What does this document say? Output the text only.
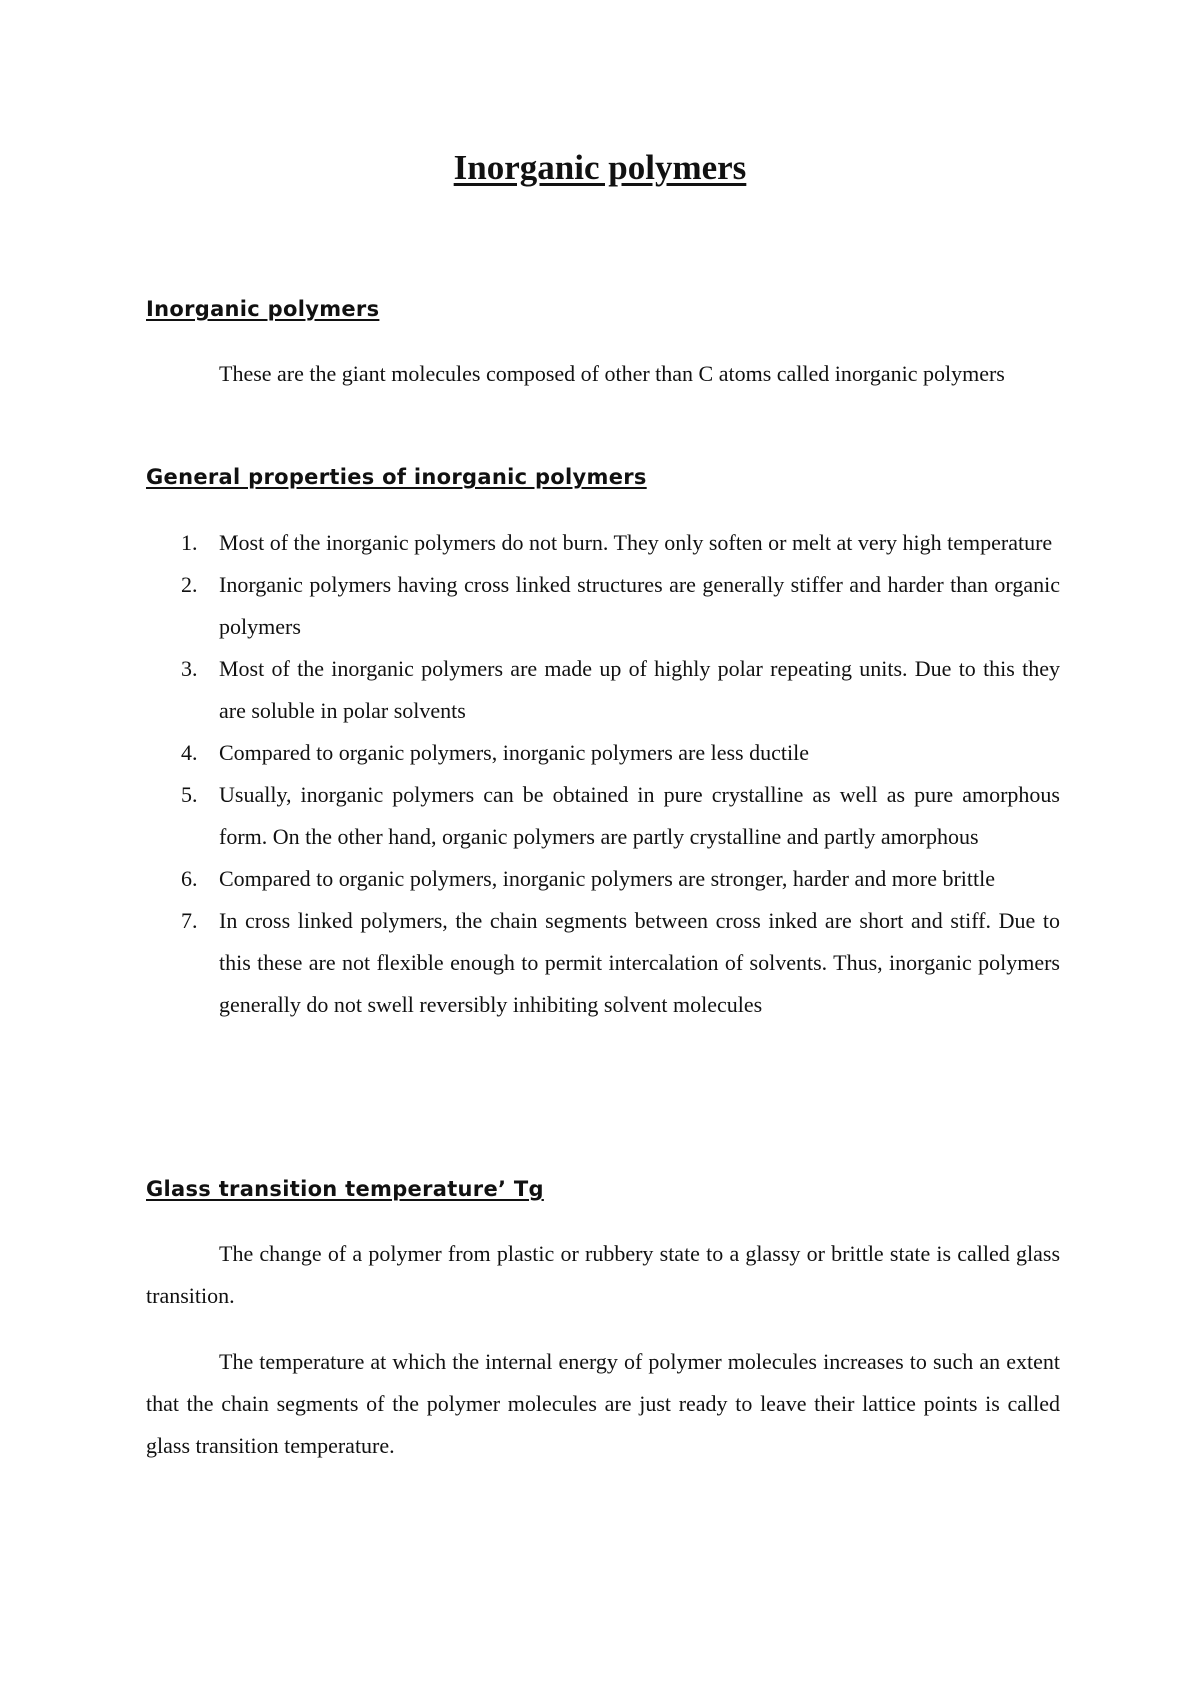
Inorganic polymers
Inorganic polymers

These are the giant molecules composed of other than C atoms called inorganic polymers

General properties of inorganic polymers
1. Most of the inorganic polymers do not burn. They only soften or melt at very high temperature
2. Inorganic polymers having cross linked structures are generally stiffer and harder than organic polymers
3. Most of the inorganic polymers are made up of highly polar repeating units. Due to this they are soluble in polar solvents
4. Compared to organic polymers, inorganic polymers are less ductile
5. Usually, inorganic polymers can be obtained in pure crystalline as well as pure amorphous form. On the other hand, organic polymers are partly crystalline and partly amorphous
6. Compared to organic polymers, inorganic polymers are stronger, harder and more brittle
7. In cross linked polymers, the chain segments between cross inked are short and stiff. Due to this these are not flexible enough to permit intercalation of solvents. Thus, inorganic polymers generally do not swell reversibly inhibiting solvent molecules
Glass transition temperature’ Tg

The change of a polymer from plastic or rubbery state to a glassy or brittle state is called glass transition.

The temperature at which the internal energy of polymer molecules increases to such an extent that the chain segments of the polymer molecules are just ready to leave their lattice points is called glass transition temperature.
